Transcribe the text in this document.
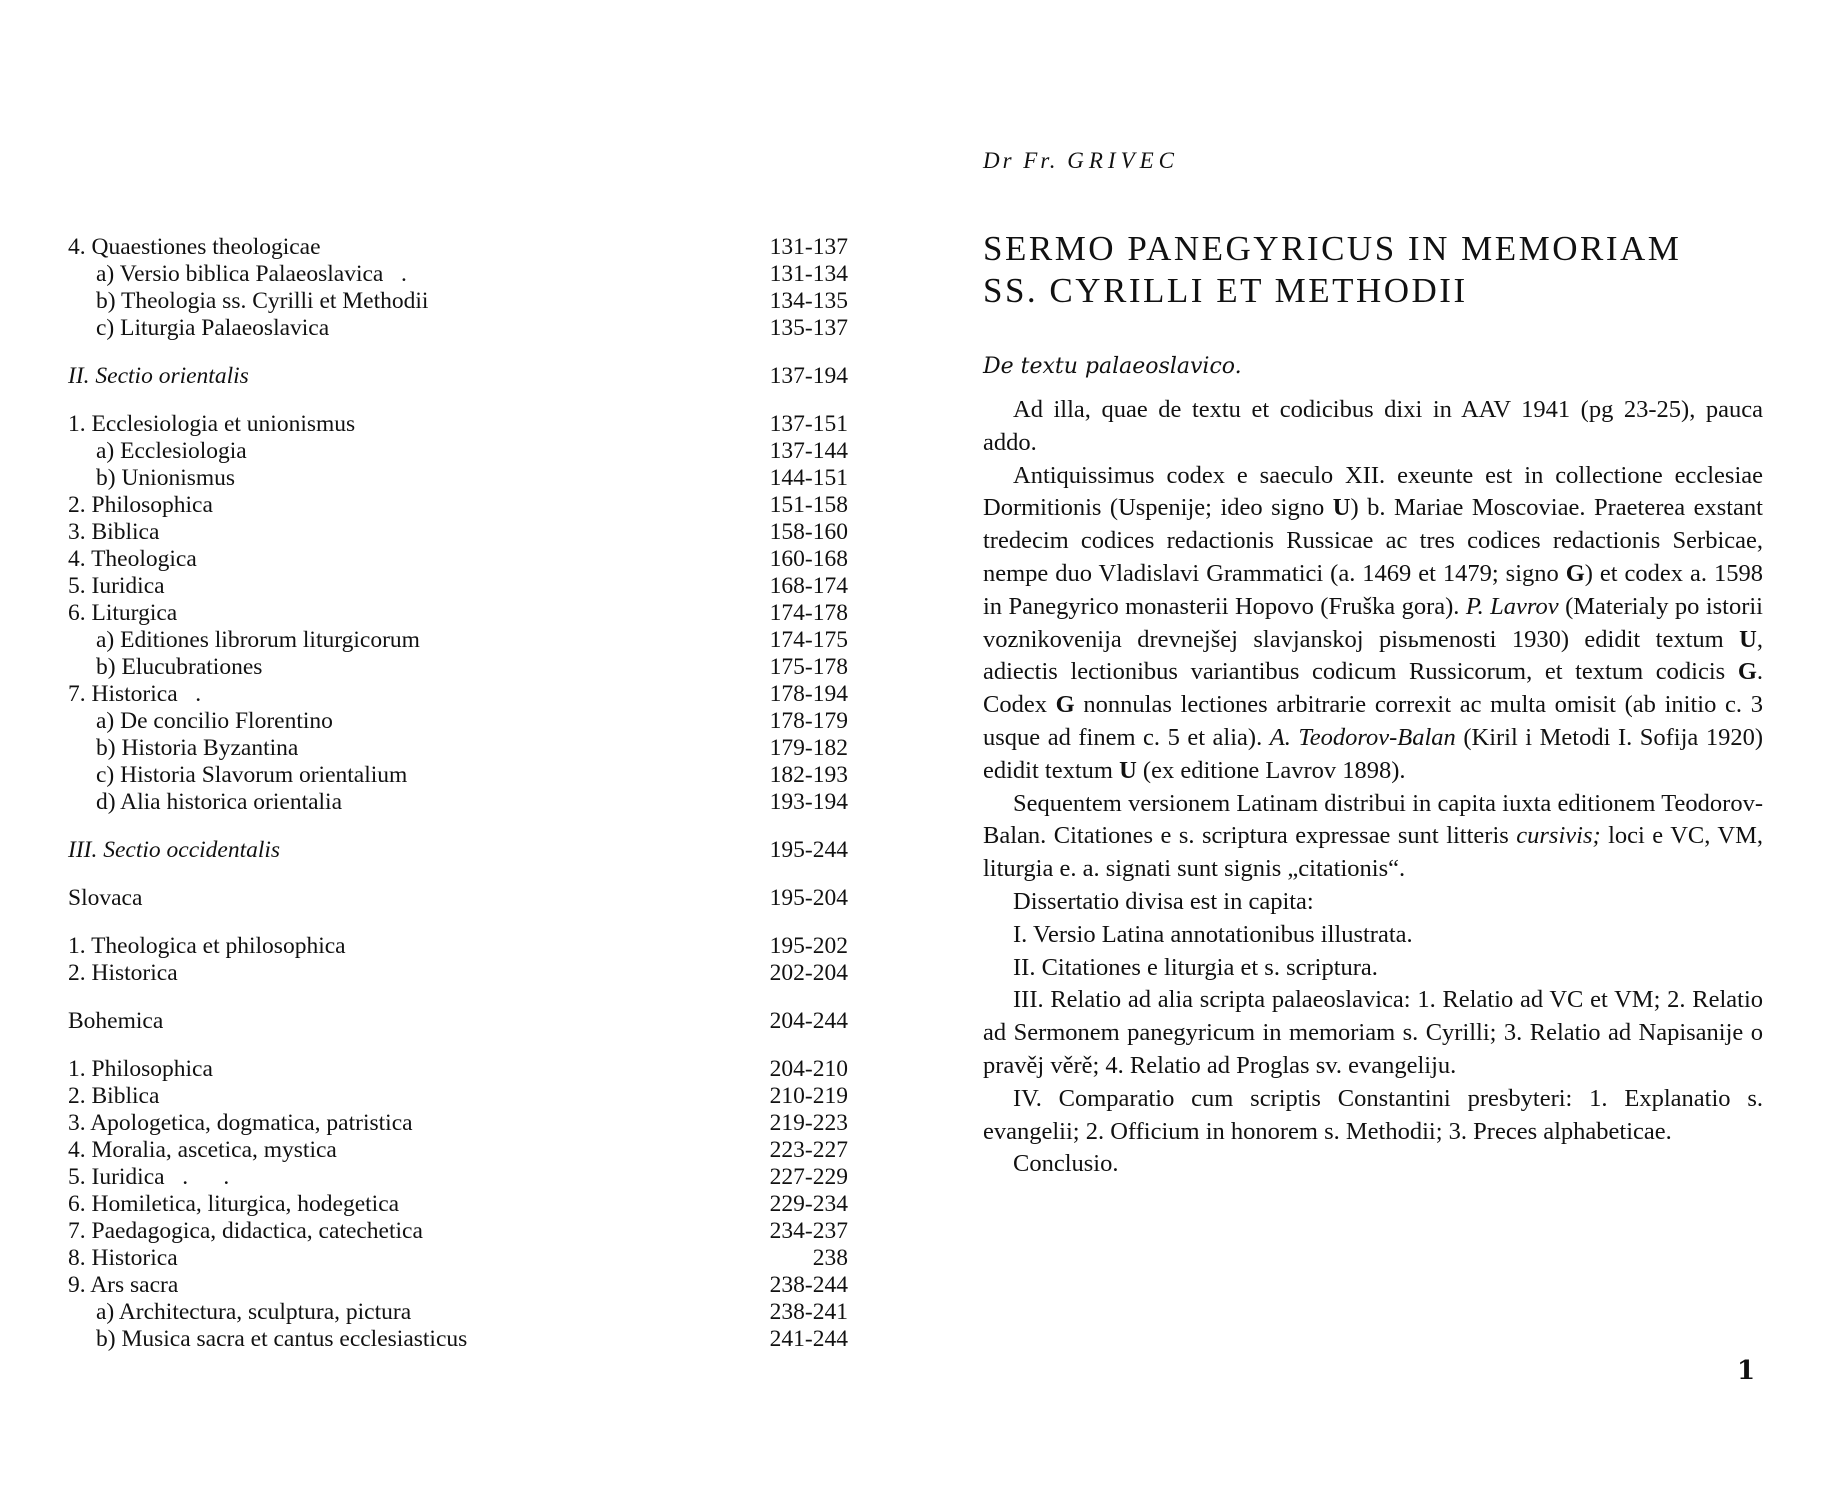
4. Quaestiones theologicae	131-137
a) Versio biblica Palaeoslavica   .	131-134
b) Theologia ss. Cyrilli et Methodii	134-135
c) Liturgia Palaeoslavica	135-137
II. Sectio orientalis	137-194
1. Ecclesiologia et unionismus	137-151
a) Ecclesiologia	137-144
b) Unionismus	144-151
2. Philosophica	151-158
3. Biblica	158-160
4. Theologica	160-168
5. Iuridica	168-174
6. Liturgica	174-178
a) Editiones librorum liturgicorum	174-175
b) Elucubrationes	175-178
7. Historica   .	178-194
a) De concilio Florentino	178-179
b) Historia Byzantina	179-182
c) Historia Slavorum orientalium	182-193
d) Alia historica orientalia	193-194
III. Sectio occidentalis	195-244
Slovaca	195-204
1. Theologica et philosophica	195-202
2. Historica	202-204
Bohemica	204-244
1. Philosophica	204-210
2. Biblica	210-219
3. Apologetica, dogmatica, patristica	219-223
4. Moralia, ascetica, mystica	223-227
5. Iuridica   .      .	227-229
6. Homiletica, liturgica, hodegetica	229-234
7. Paedagogica, didactica, catechetica	234-237
8. Historica	238
9. Ars sacra	238-244
a) Architectura, sculptura, pictura	238-241
b) Musica sacra et cantus ecclesiasticus	241-244
Dr Fr. GRIVEC
SERMO PANEGYRICUS IN MEMORIAM
SS. CYRILLI ET METHODII
De textu palaeoslavico.

Ad illa, quae de textu et codicibus dixi in AAV 1941 (pg 23-25), pauca addo.

Antiquissimus codex e saeculo XII. exeunte est in collectione ecclesiae Dormitionis (Uspenije; ideo signo U) b. Mariae Moscoviae. Praeterea exstant tredecim codices redactionis Russicae ac tres codices redactionis Serbicae, nempe duo Vladislavi Grammatici (a. 1469 et 1479; signo G) et codex a. 1598 in Panegyrico monasterii Hopovo (Fruška gora). P. Lavrov (Materialy po istorii voznikovenija drevnejšej slavjanskoj pisьmenosti 1930) edidit textum U, adiectis lectionibus variantibus codicum Russicorum, et textum codicis G. Codex G nonnulas lectiones arbitrarie correxit ac multa omisit (ab initio c. 3 usque ad finem c. 5 et alia). A. Teodorov-Balan (Kiril i Metodi I. Sofija 1920) edidit textum U (ex editione Lavrov 1898).

Sequentem versionem Latinam distribui in capita iuxta editionem Teodorov-Balan. Citationes e s. scriptura expressae sunt litteris cursivis; loci e VC, VM, liturgia e. a. signati sunt signis „citationis“.

Dissertatio divisa est in capita:

I. Versio Latina annotationibus illustrata.

II. Citationes e liturgia et s. scriptura.

III. Relatio ad alia scripta palaeoslavica: 1. Relatio ad VC et VM; 2. Relatio ad Sermonem panegyricum in memoriam s. Cyrilli; 3. Relatio ad Napisanije o pravěj věrě; 4. Relatio ad Proglas sv. evangeliju.

IV. Comparatio cum scriptis Constantini presbyteri: 1. Explanatio s. evangelii; 2. Officium in honorem s. Methodii; 3. Preces alphabeticae.

Conclusio.

1
